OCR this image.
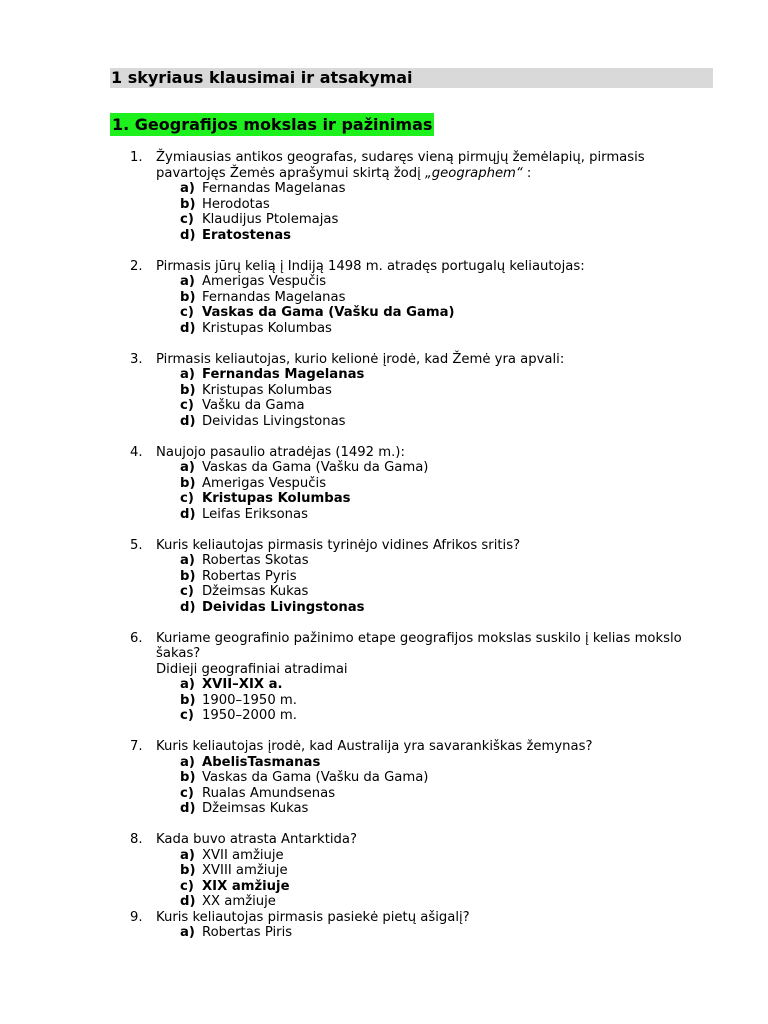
1 skyriaus klausimai ir atsakymai
1. Geografijos mokslas ir pažinimas
1.	Žymiausias antikos geografas, sudaręs vieną pirmųjų žemėlapių, pirmasis pavartojęs Žemės aprašymui skirtą žodį „geographem“ :
a) Fernandas Magelanas
b) Herodotas
c) Klaudijus Ptolemajas
d) Eratostenas
2.	Pirmasis jūrų kelią į Indiją 1498 m. atradęs portugalų keliautojas:
a) Amerigas Vespučis
b) Fernandas Magelanas
c) Vaskas da Gama (Vašku da Gama)
d) Kristupas Kolumbas
3.	Pirmasis keliautojas, kurio kelionė įrodė, kad Žemė yra apvali:
a) Fernandas Magelanas
b) Kristupas Kolumbas
c) Vašku da Gama
d) Deividas Livingstonas
4.	Naujojo pasaulio atradėjas (1492 m.):
a) Vaskas da Gama (Vašku da Gama)
b) Amerigas Vespučis
c) Kristupas Kolumbas
d) Leifas Eriksonas
5.	Kuris keliautojas pirmasis tyrinėjo vidines Afrikos sritis?
a) Robertas Skotas
b) Robertas Pyris
c) Džeimsas Kukas
d) Deividas Livingstonas
6.	Kuriame geografinio pažinimo etape geografijos mokslas suskilo į kelias mokslo šakas?
Didieji geografiniai atradimai
a) XVII–XIX a.
b) 1900–1950 m.
c) 1950–2000 m.
7.	Kuris keliautojas įrodė, kad Australija yra savarankiškas žemynas?
a) AbelisTasmanas
b) Vaskas da Gama (Vašku da Gama)
c) Rualas Amundsenas
d) Džeimsas Kukas
8.	Kada buvo atrasta Antarktida?
a) XVII amžiuje
b) XVIII amžiuje
c) XIX amžiuje
d) XX amžiuje
9.	Kuris keliautojas pirmasis pasiekė pietų ašigalį?
a) Robertas Piris
